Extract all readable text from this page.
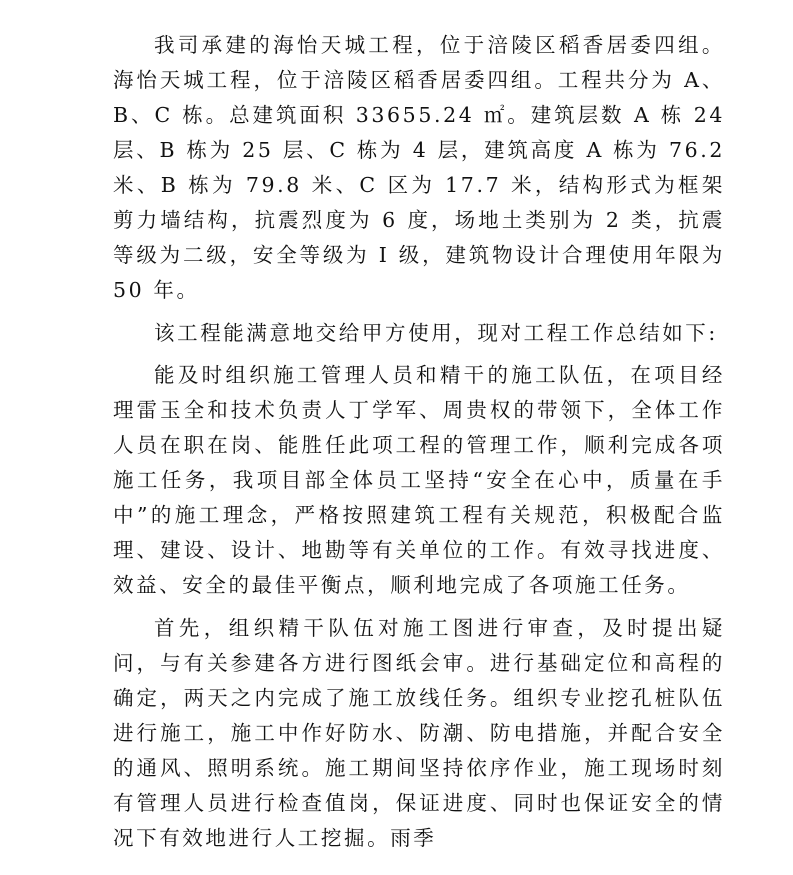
我司承建的海怡天城工程，位于涪陵区稻香居委四组。海怡天城工程，位于涪陵区稻香居委四组。工程共分为 A、B、C 栋。总建筑面积 33655.24 ㎡。建筑层数 A 栋 24 层、B 栋为 25 层、C 栋为 4 层，建筑高度 A 栋为 76.2 米、B 栋为 79.8 米、C 区为 17.7 米，结构形式为框架剪力墙结构，抗震烈度为 6 度，场地土类别为 2 类，抗震等级为二级，安全等级为 I 级，建筑物设计合理使用年限为 50 年。

该工程能满意地交给甲方使用，现对工程工作总结如下:

能及时组织施工管理人员和精干的施工队伍，在项目经理雷玉全和技术负责人丁学军、周贵权的带领下，全体工作人员在职在岗、能胜任此项工程的管理工作，顺利完成各项施工任务，我项目部全体员工坚持“安全在心中，质量在手中”的施工理念，严格按照建筑工程有关规范，积极配合监理、建设、设计、地勘等有关单位的工作。有效寻找进度、效益、安全的最佳平衡点，顺利地完成了各项施工任务。

首先，组织精干队伍对施工图进行审查，及时提出疑问，与有关参建各方进行图纸会审。进行基础定位和高程的确定，两天之内完成了施工放线任务。组织专业挖孔桩队伍进行施工，施工中作好防水、防潮、防电措施，并配合安全的通风、照明系统。施工期间坚持依序作业，施工现场时刻有管理人员进行检查值岗，保证进度、同时也保证安全的情况下有效地进行人工挖掘。雨季
